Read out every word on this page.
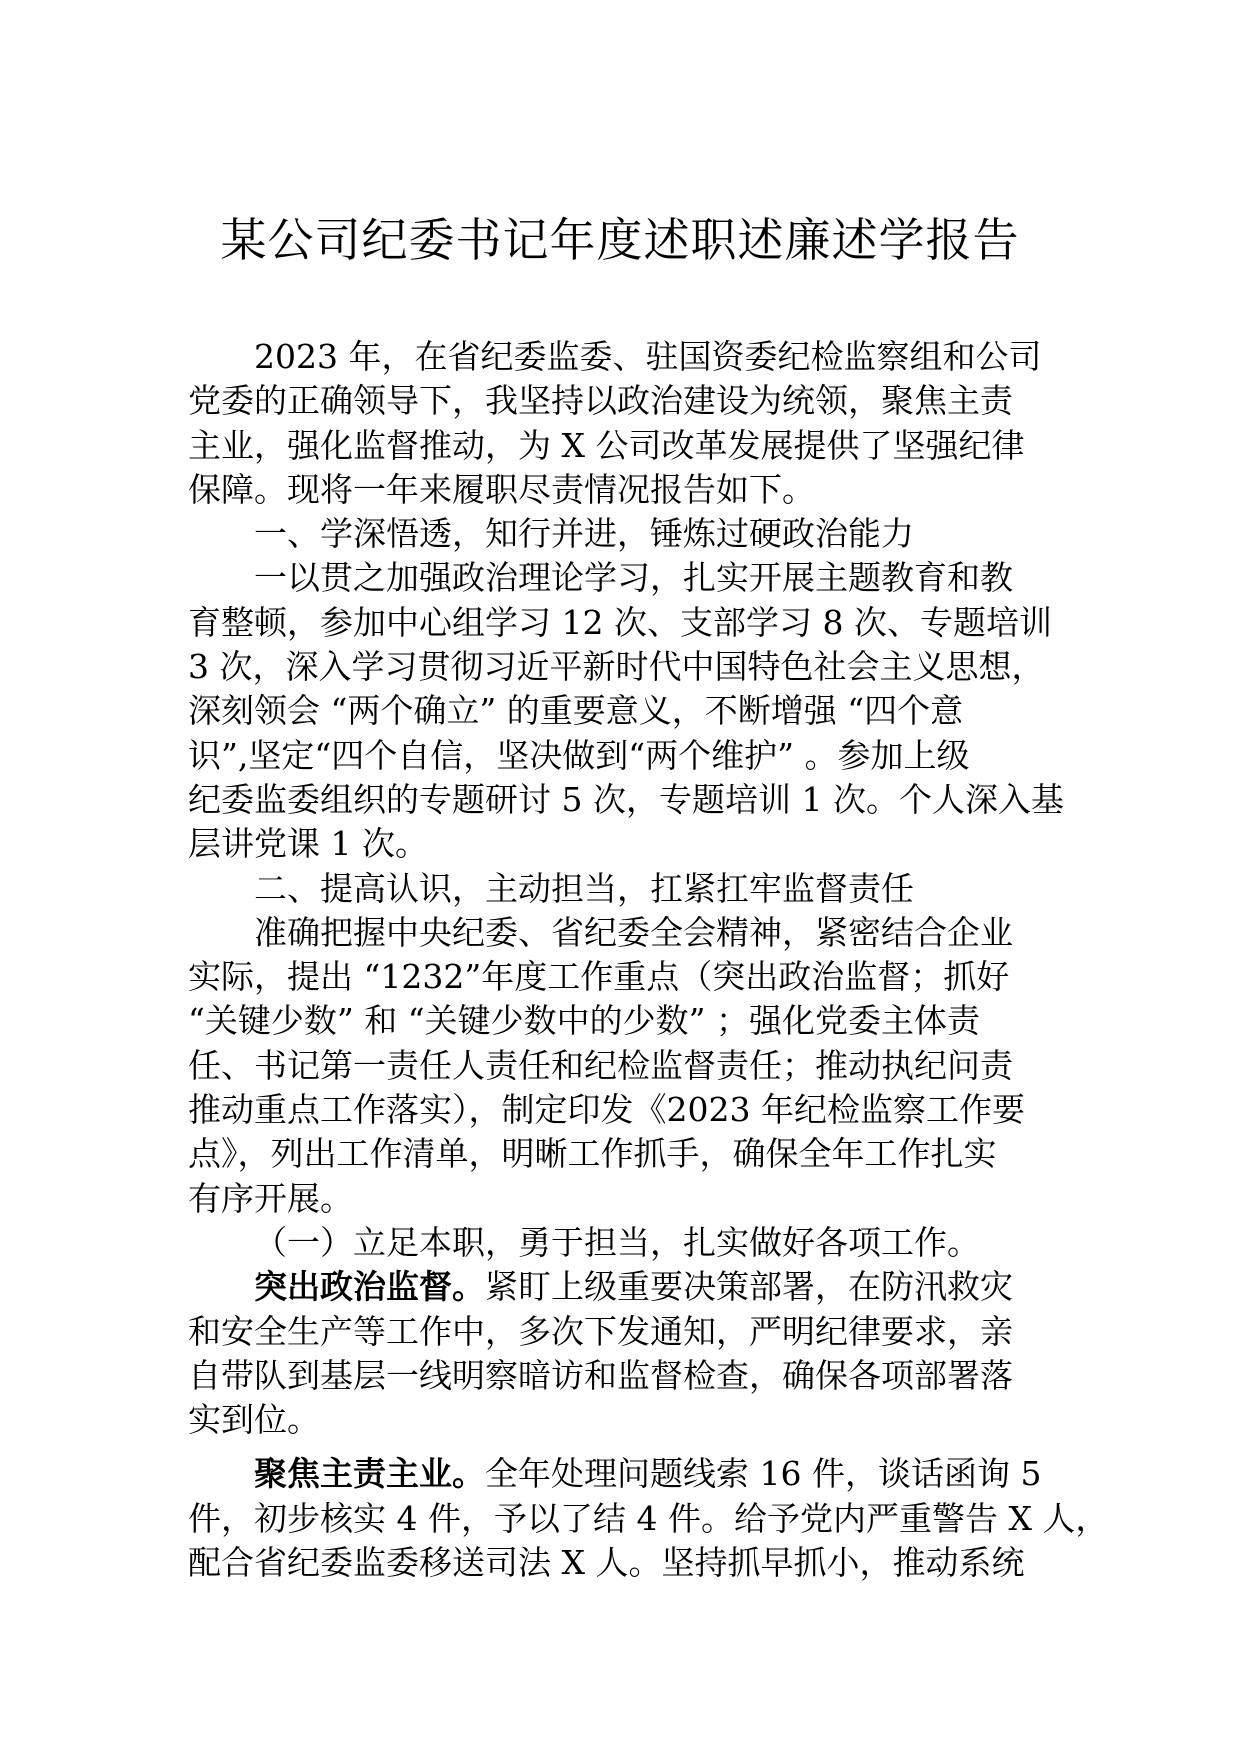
某公司纪委书记年度述职述廉述学报告
2023 年，在省纪委监委、驻国资委纪检监察组和公司
党委的正确领导下，我坚持以政治建设为统领，聚焦主责
主业，强化监督推动，为 X 公司改革发展提供了坚强纪律
保障。现将一年来履职尽责情况报告如下。
一、学深悟透，知行并进，锤炼过硬政治能力
一以贯之加强政治理论学习，扎实开展主题教育和教
育整顿，参加中心组学习 12 次、支部学习 8 次、专题培训
3 次，深入学习贯彻习近平新时代中国特色社会主义思想，
深刻领会 “两个确立” 的重要意义，不断增强 “四个意
识”,坚定“四个自信，坚决做到“两个维护” 。参加上级
纪委监委组织的专题研讨 5 次，专题培训 1 次。个人深入基
层讲党课 1 次。
二、提高认识，主动担当，扛紧扛牢监督责任
准确把握中央纪委、省纪委全会精神，紧密结合企业
实际，提出 “1232”年度工作重点（突出政治监督；抓好
“关键少数” 和 “关键少数中的少数” ；强化党委主体责
任、书记第一责任人责任和纪检监督责任；推动执纪问责
推动重点工作落实），制定印发《2023 年纪检监察工作要
点》，列出工作清单，明晰工作抓手，确保全年工作扎实
有序开展。
（一）立足本职，勇于担当，扎实做好各项工作。
突出政治监督。紧盯上级重要决策部署，在防汛救灾
和安全生产等工作中，多次下发通知，严明纪律要求，亲
自带队到基层一线明察暗访和监督检查，确保各项部署落
实到位。
聚焦主责主业。全年处理问题线索 16 件，谈话函询 5
件，初步核实 4 件，予以了结 4 件。给予党内严重警告 X 人，
配合省纪委监委移送司法 X 人。坚持抓早抓小，推动系统
